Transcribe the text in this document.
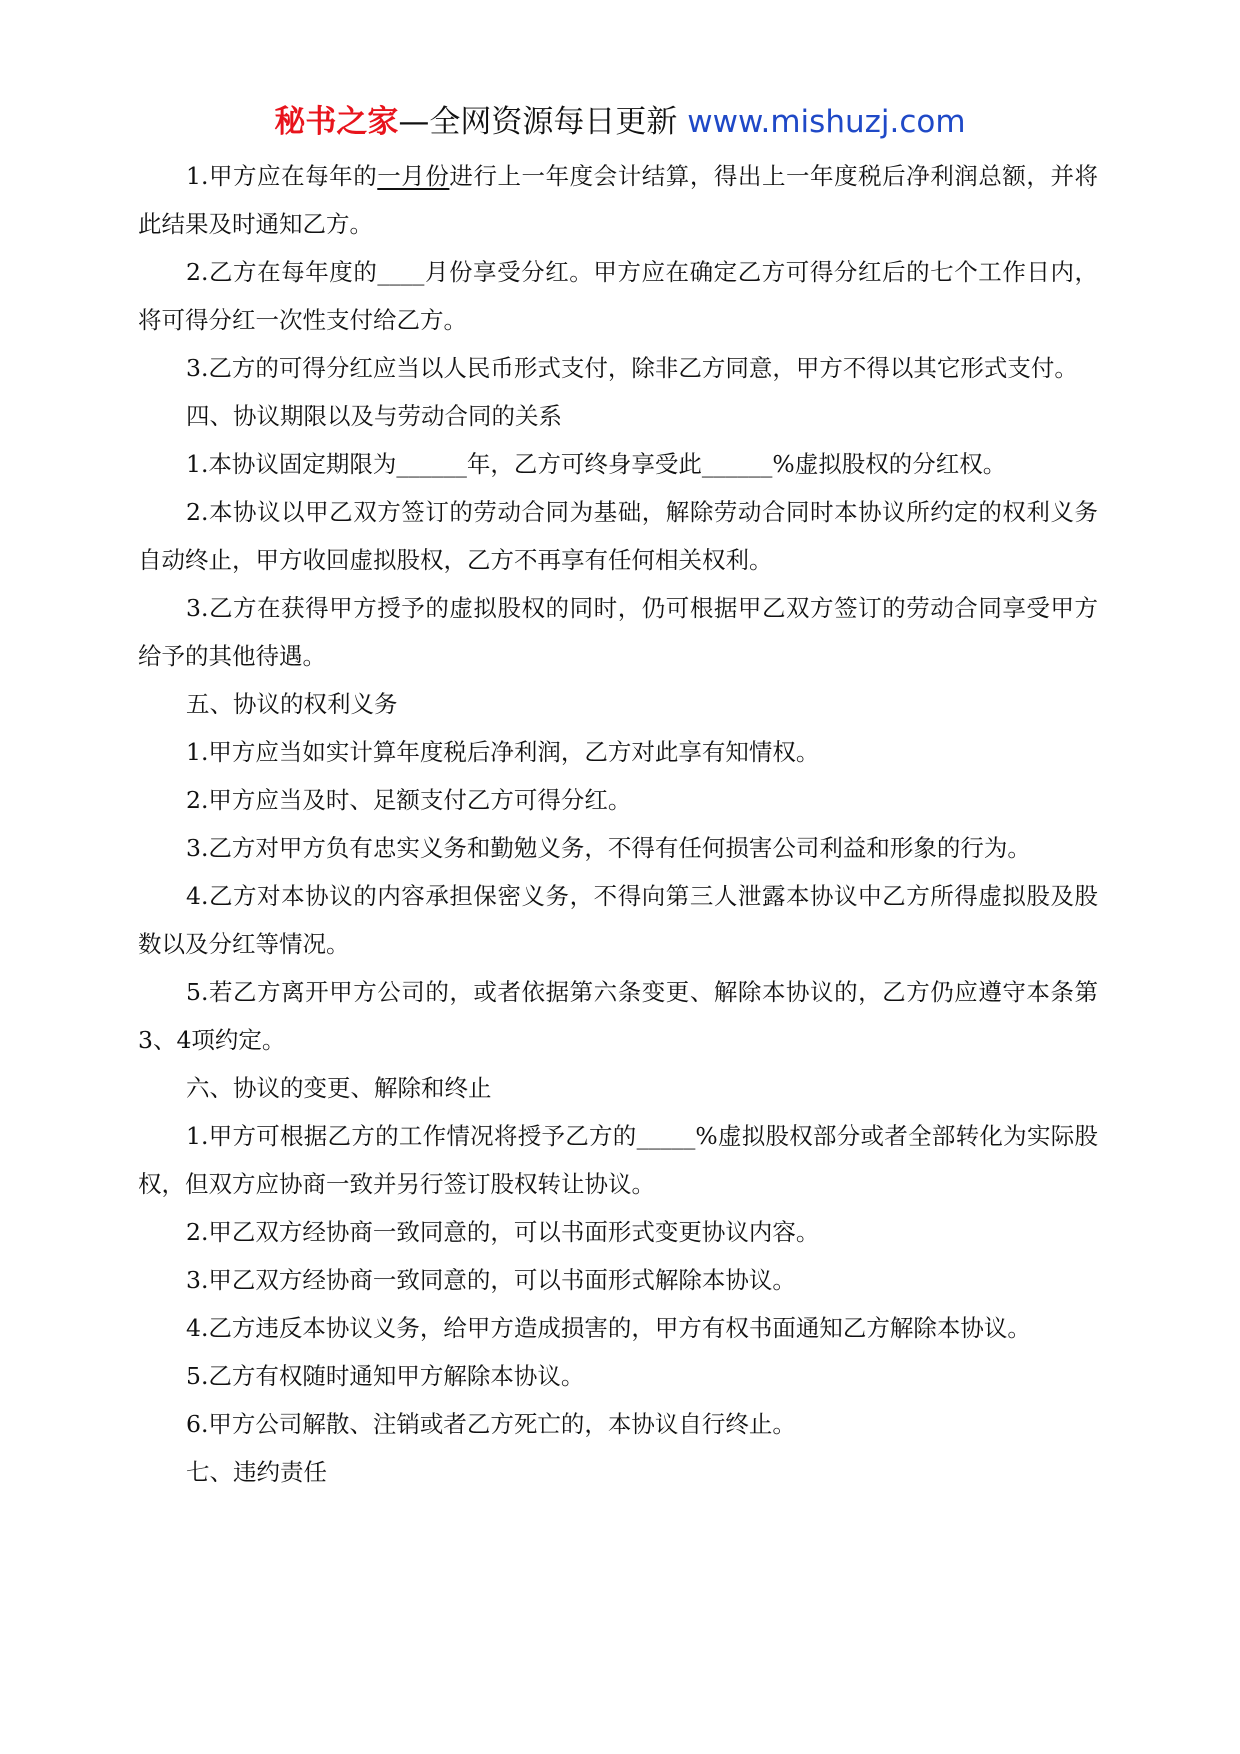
秘书之家—全网资源每日更新 www.mishuzj.com

1.甲方应在每年的一月份进行上一年度会计结算，得出上一年度税后净利润总额，并将此结果及时通知乙方。

2.乙方在每年度的____月份享受分红。甲方应在确定乙方可得分红后的七个工作日内，将可得分红一次性支付给乙方。

3.乙方的可得分红应当以人民币形式支付，除非乙方同意，甲方不得以其它形式支付。

四、协议期限以及与劳动合同的关系

1.本协议固定期限为______年，乙方可终身享受此______%虚拟股权的分红权。

2.本协议以甲乙双方签订的劳动合同为基础，解除劳动合同时本协议所约定的权利义务自动终止，甲方收回虚拟股权，乙方不再享有任何相关权利。

3.乙方在获得甲方授予的虚拟股权的同时，仍可根据甲乙双方签订的劳动合同享受甲方给予的其他待遇。

五、协议的权利义务

1.甲方应当如实计算年度税后净利润，乙方对此享有知情权。

2.甲方应当及时、足额支付乙方可得分红。

3.乙方对甲方负有忠实义务和勤勉义务，不得有任何损害公司利益和形象的行为。

4.乙方对本协议的内容承担保密义务，不得向第三人泄露本协议中乙方所得虚拟股及股数以及分红等情况。

5.若乙方离开甲方公司的，或者依据第六条变更、解除本协议的，乙方仍应遵守本条第3、4项约定。

六、协议的变更、解除和终止

1.甲方可根据乙方的工作情况将授予乙方的_____%虚拟股权部分或者全部转化为实际股权，但双方应协商一致并另行签订股权转让协议。

2.甲乙双方经协商一致同意的，可以书面形式变更协议内容。

3.甲乙双方经协商一致同意的，可以书面形式解除本协议。

4.乙方违反本协议义务，给甲方造成损害的，甲方有权书面通知乙方解除本协议。

5.乙方有权随时通知甲方解除本协议。

6.甲方公司解散、注销或者乙方死亡的，本协议自行终止。

七、违约责任
